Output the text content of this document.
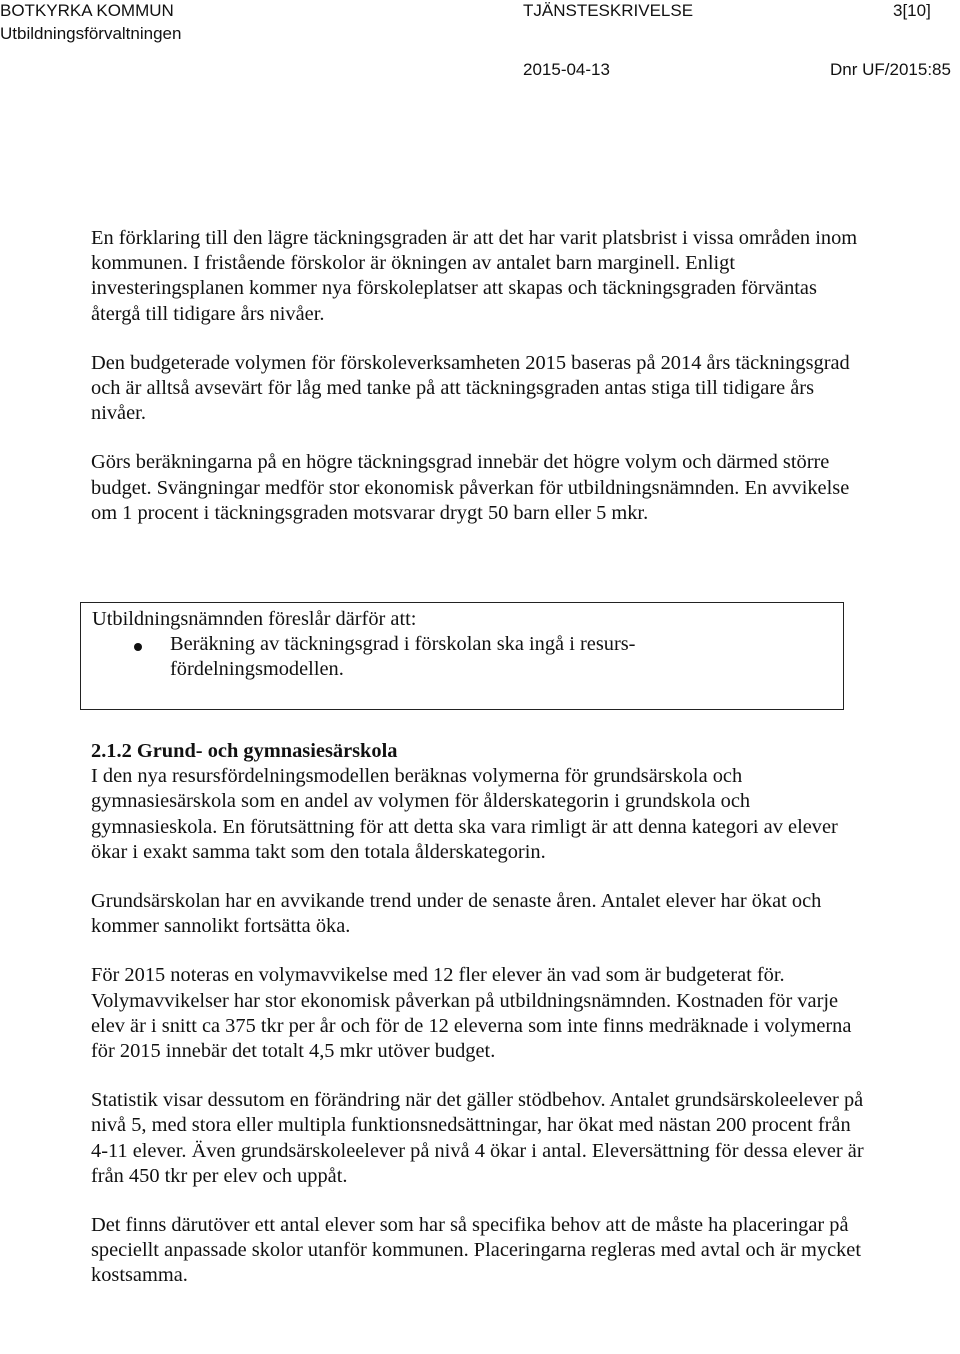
BOTKYRKA KOMMUN
Utbildningsförvaltningen
TJÄNSTESKRIVELSE	3[10]
2015-04-13	Dnr UF/2015:85

En förklaring till den lägre täckningsgraden är att det har varit platsbrist i vissa områden inom kommunen. I fristående förskolor är ökningen av antalet barn marginell. Enligt investeringsplanen kommer nya förskoleplatser att skapas och täckningsgraden förväntas återgå till tidigare års nivåer.

Den budgeterade volymen för förskoleverksamheten 2015 baseras på 2014 års täckningsgrad och är alltså avsevärt för låg med tanke på att täckningsgraden antas stiga till tidigare års nivåer.

Görs beräkningarna på en högre täckningsgrad innebär det högre volym och därmed större budget. Svängningar medför stor ekonomisk påverkan för utbildningsnämnden. En avvikelse om 1 procent i täckningsgraden motsvarar drygt 50 barn eller 5 mkr.

Utbildningsnämnden föreslår därför att:
Beräkning av täckningsgrad i förskolan ska ingå i resurs-fördelningsmodellen.

2.1.2 Grund- och gymnasiesärskola

I den nya resursfördelningsmodellen beräknas volymerna för grundsärskola och gymnasiesärskola som en andel av volymen för ålderskategorin i grundskola och gymnasieskola. En förutsättning för att detta ska vara rimligt är att denna kategori av elever ökar i exakt samma takt som den totala ålderskategorin.

Grundsärskolan har en avvikande trend under de senaste åren. Antalet elever har ökat och kommer sannolikt fortsätta öka.

För 2015 noteras en volymavvikelse med 12 fler elever än vad som är budgeterat för. Volymavvikelser har stor ekonomisk påverkan på utbildningsnämnden. Kostnaden för varje elev är i snitt ca 375 tkr per år och för de 12 eleverna som inte finns medräknade i volymerna för 2015 innebär det totalt 4,5 mkr utöver budget.

Statistik visar dessutom en förändring när det gäller stödbehov. Antalet grundsärskoleelever på nivå 5, med stora eller multipla funktionsnedsättningar, har ökat med nästan 200 procent från 4-11 elever. Även grundsärskoleelever på nivå 4 ökar i antal. Eleversättning för dessa elever är från 450 tkr per elev och uppåt.

Det finns därutöver ett antal elever som har så specifika behov att de måste ha placeringar på speciellt anpassade skolor utanför kommunen. Placeringarna regleras med avtal och är mycket kostsamma.
